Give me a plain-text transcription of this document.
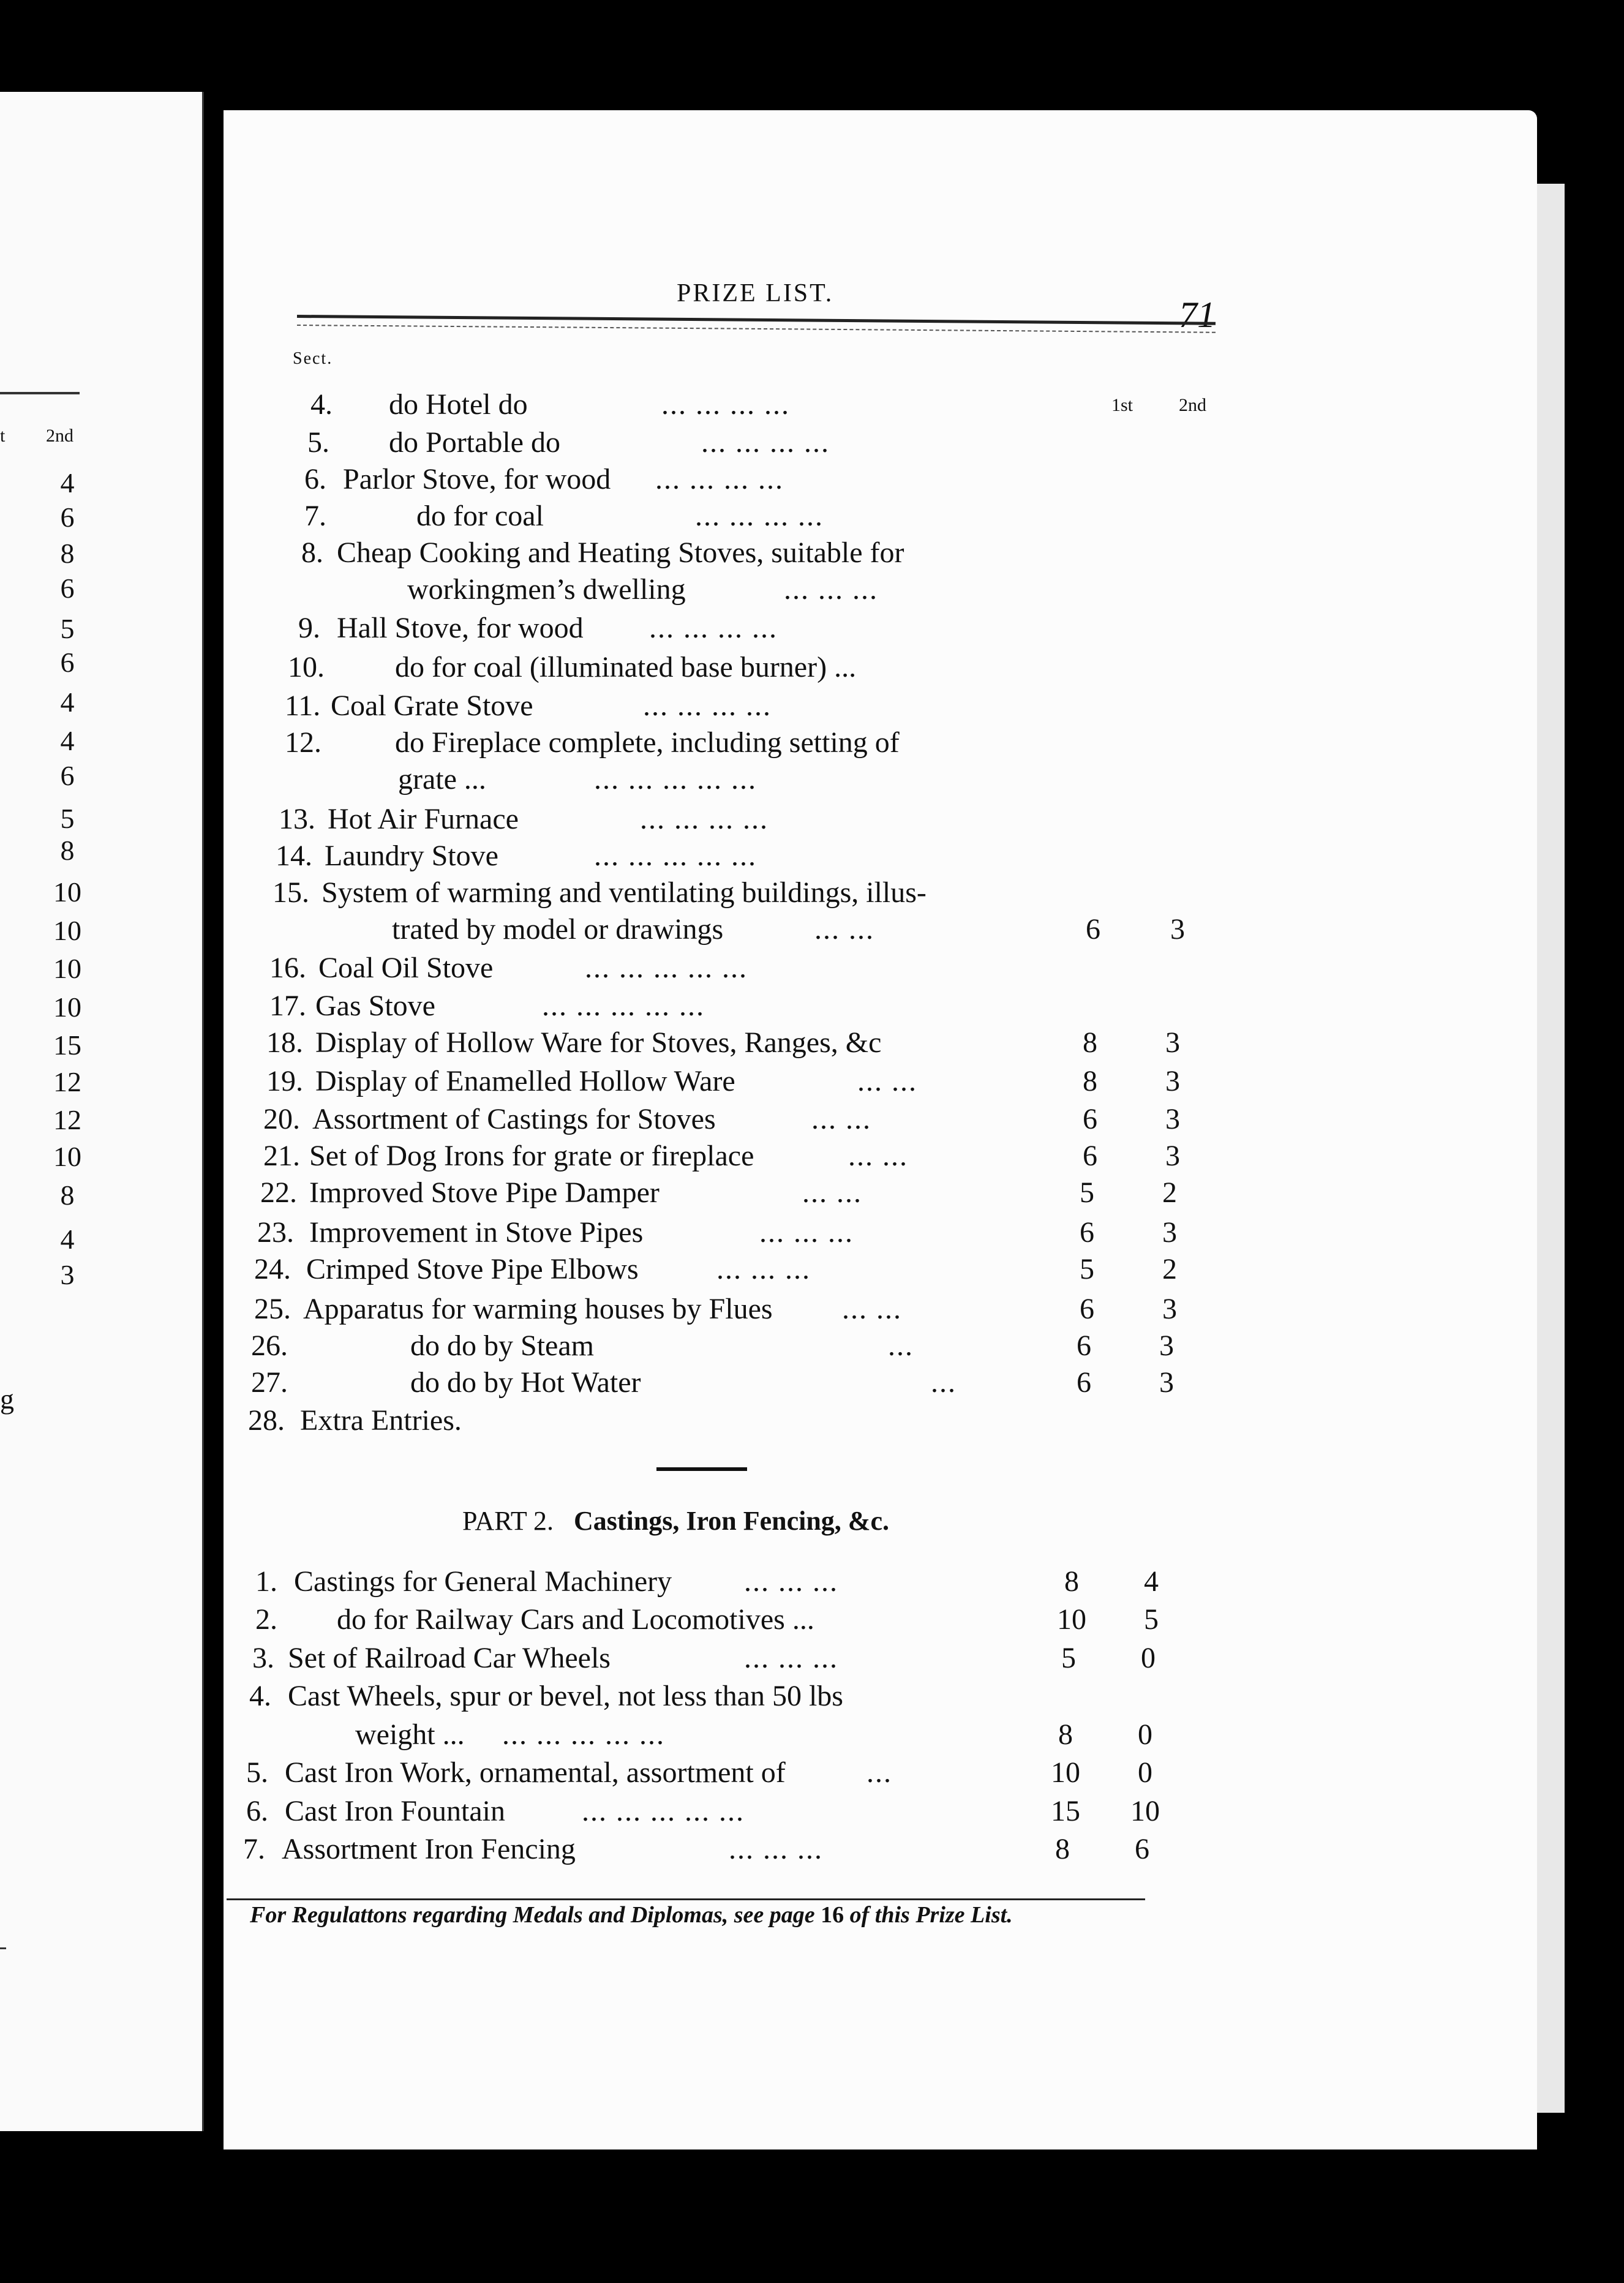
t 2nd
4
6
8
6
5
6
4
4
6
5
8
10
10
10
10
15
12
12
10
8
4
3
g
PRIZE LIST.
71
Sect.
1st 2nd
4. do Hotel do	... ... ... ...
5. do Portable do	... ... ... ...
6. Parlor Stove, for wood ... ... ... ...
7.	do for coal	... ... ... ...
8. Cheap Cooking and Heating Stoves, suitable for
workingmen’s dwelling	... ... ...
9. Hall Stove, for wood ... ... ... ...
10. do for coal (illuminated base burner) ...
11. Coal Grate Stove	... ... ... ...
12.	do Fireplace complete, including setting of
grate ...	... ... ... ... ...
13. Hot Air Furnace	... ... ... ...
14. Laundry Stove	... ... ... ... ...
15. System of warming and ventilating buildings, illus-
trated by model or drawings	... ...	6	3
16. Coal Oil Stove	... ... ... ... ...
17. Gas Stove	... ... ... ... ...
18. Display of Hollow Ware for Stoves, Ranges, &c	8	3
19. Display of Enamelled Hollow Ware	... ...	8	3
20. Assortment of Castings for Stoves	... ...	6	3
21. Set of Dog Irons for grate or fireplace	... ...	6	3
22. Improved Stove Pipe Damper	... ...	5	2
23. Improvement in Stove Pipes	... ... ...	6	3
24. Crimped Stove Pipe Elbows	... ... ...	5	2
25. Apparatus for warming houses by Flues ... ...	6	3
26.	do do by Steam	...	6	3
27.	do do by Hot Water	...	6	3
28. Extra Entries.
PART 2. Castings, Iron Fencing, &c.
1. Castings for General Machinery ... ... ...	8	4
2. do for Railway Cars and Locomotives ...	10	5
3. Set of Railroad Car Wheels	... ... ...	5	0
4. Cast Wheels, spur or bevel, not less than 50 lbs
weight ... ... ... ... ... ...	8	0
5. Cast Iron Work, ornamental, assortment of	...	10	0
6. Cast Iron Fountain	... ... ... ... ...	15 10
7. Assortment Iron Fencing	... ... ...	8	6
For Regulattons regarding Medals and Diplomas, see page 16 of this Prize List.
